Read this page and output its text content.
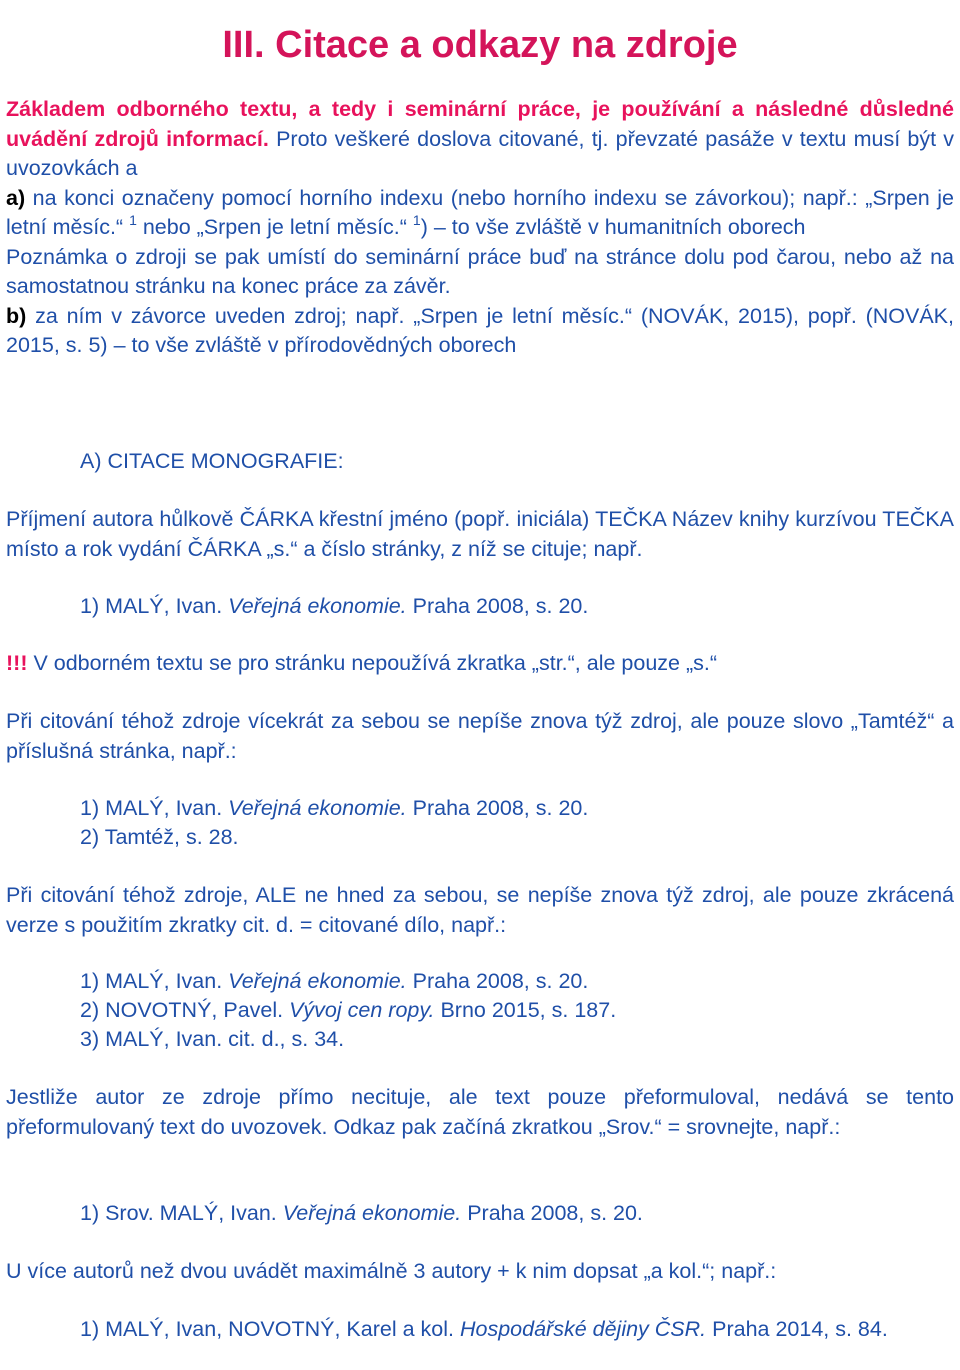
III. Citace a odkazy na zdroje

Základem odborného textu, a tedy i seminární práce, je používání a následné důsledné uvádění zdrojů informací. Proto veškeré doslova citované, tj. převzaté pasáže v textu musí být v uvozovkách a
a) na konci označeny pomocí horního indexu (nebo horního indexu se závorkou); např.: „Srpen je letní měsíc.“ $^1$ nebo „Srpen je letní měsíc.“ $^1$) – to vše zvláště v humanitních oborech
Poznámka o zdroji se pak umístí do seminární práce buď na stránce dolu pod čarou, nebo až na samostatnou stránku na konec práce za závěr.
b) za ním v závorce uveden zdroj; např. „Srpen je letní měsíc.“ (NOVÁK, 2015), popř. (NOVÁK, 2015, s. 5) – to vše zvláště v přírodovědných oborech

A) CITACE MONOGRAFIE:

Příjmení autora hůlkově ČÁRKA křestní jméno (popř. iniciála) TEČKA Název knihy kurzívou TEČKA místo a rok vydání ČÁRKA „s.“ a číslo stránky, z níž se cituje; např.

1) MALÝ, Ivan. Veřejná ekonomie. Praha 2008, s. 20.

!!! V odborném textu se pro stránku nepoužívá zkratka „str.“, ale pouze „s.“

Při citování téhož zdroje vícekrát za sebou se nepíše znova týž zdroj, ale pouze slovo „Tamtéž“ a příslušná stránka, např.:

1) MALÝ, Ivan. Veřejná ekonomie. Praha 2008, s. 20.
2) Tamtéž, s. 28.

Při citování téhož zdroje, ALE ne hned za sebou, se nepíše znova týž zdroj, ale pouze zkrácená verze s použitím zkratky cit. d. = citované dílo, např.:

1) MALÝ, Ivan. Veřejná ekonomie. Praha 2008, s. 20.
2) NOVOTNÝ, Pavel. Vývoj cen ropy. Brno 2015, s. 187.
3) MALÝ, Ivan. cit. d., s. 34.

Jestliže autor ze zdroje přímo necituje, ale text pouze přeformuloval, nedává se tento přeformulovaný text do uvozovek. Odkaz pak začíná zkratkou „Srov.“ = srovnejte, např.:

1) Srov. MALÝ, Ivan. Veřejná ekonomie. Praha 2008, s. 20.

U více autorů než dvou uvádět maximálně 3 autory + k nim dopsat „a kol.“; např.:

1) MALÝ, Ivan, NOVOTNÝ, Karel a kol. Hospodářské dějiny ČSR. Praha 2014, s. 84.
